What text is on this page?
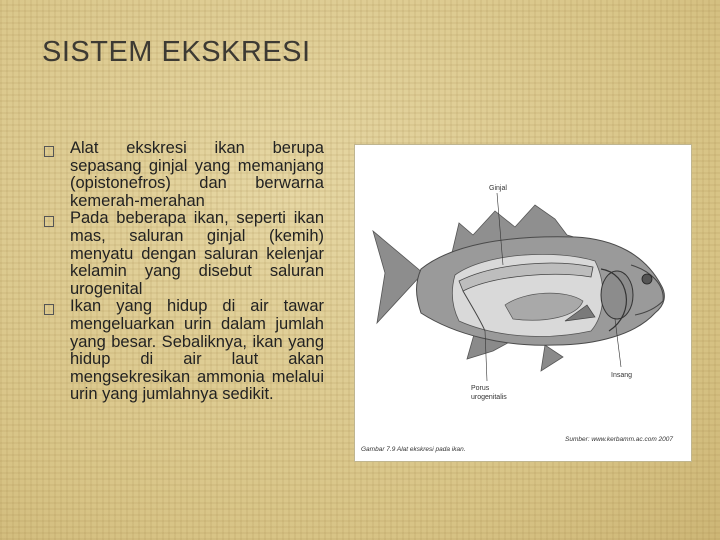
SISTEM EKSKRESI
Alat ekskresi ikan berupa sepasang ginjal yang memanjang (opistonefros) dan berwarna kemerah-merahan
Pada beberapa ikan, seperti ikan mas, saluran ginjal (kemih) menyatu dengan saluran kelenjar kelamin yang disebut saluran urogenital
Ikan yang hidup di air tawar mengeluarkan urin dalam jumlah yang besar. Sebaliknya, ikan yang hidup di air laut akan mengsekresikan ammonia melalui urin yang jumlahnya sedikit.
Ginjal
Porus
urogenitalis
Insang
Gambar 7.9 Alat ekskresi pada ikan.
Sumber: www.kerbamm.ac.com 2007
